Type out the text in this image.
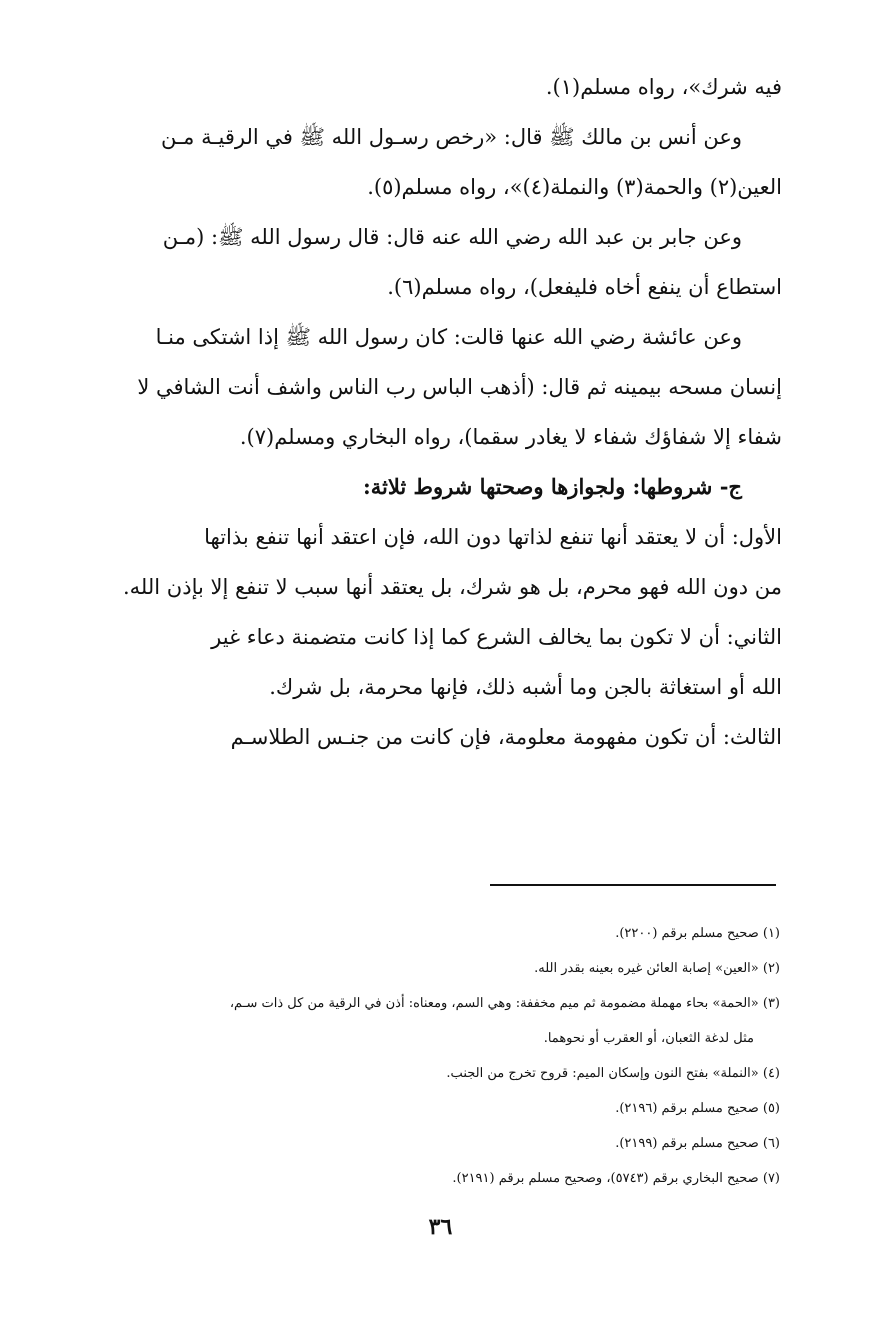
فيه شرك»، رواه مسلم(١).
وعن أنس بن مالك ﷺ قال: «رخص رسـول الله ﷺ في الرقيـة مـن
العين(٢) والحمة(٣) والنملة(٤)»، رواه مسلم(٥).
وعن جابر بن عبد الله رضي الله عنه قال: قال رسول الله ﷺ: (مـن
استطاع أن ينفع أخاه فليفعل)، رواه مسلم(٦).
وعن عائشة رضي الله عنها قالت: كان رسول الله ﷺ إذا اشتكى منـا
إنسان مسحه بيمينه ثم قال: (أذهب الباس رب الناس واشف أنت الشافي لا
شفاء إلا شفاؤك شفاء لا يغادر سقما)، رواه البخاري ومسلم(٧).
ج- شروطها: ولجوازها وصحتها شروط ثلاثة:
الأول: أن لا يعتقد أنها تنفع لذاتها دون الله، فإن اعتقد أنها تنفع بذاتها
من دون الله فهو محرم، بل هو شرك، بل يعتقد أنها سبب لا تنفع إلا بإذن الله.
الثاني: أن لا تكون بما يخالف الشرع كما إذا كانت متضمنة دعاء غير
الله أو استغاثة بالجن وما أشبه ذلك، فإنها محرمة، بل شرك.
الثالث: أن تكون مفهومة معلومة، فإن كانت من جنـس الطلاسـم
(١) صحيح مسلم برقم (٢٢٠٠).
(٢) «العين» إصابة العائن غيره بعينه بقدر الله.
(٣) «الحمة» بحاء مهملة مضمومة ثم ميم مخففة: وهي السم، ومعناه: أذن في الرقية من كل ذات سـم،
مثل لدغة الثعبان، أو العقرب أو نحوهما.
(٤) «النملة» بفتح النون وإسكان الميم: قروح تخرج من الجنب.
(٥) صحيح مسلم برقم (٢١٩٦).
(٦) صحيح مسلم برقم (٢١٩٩).
(٧) صحيح البخاري برقم (٥٧٤٣)، وصحيح مسلم برقم (٢١٩١).
٣٦
